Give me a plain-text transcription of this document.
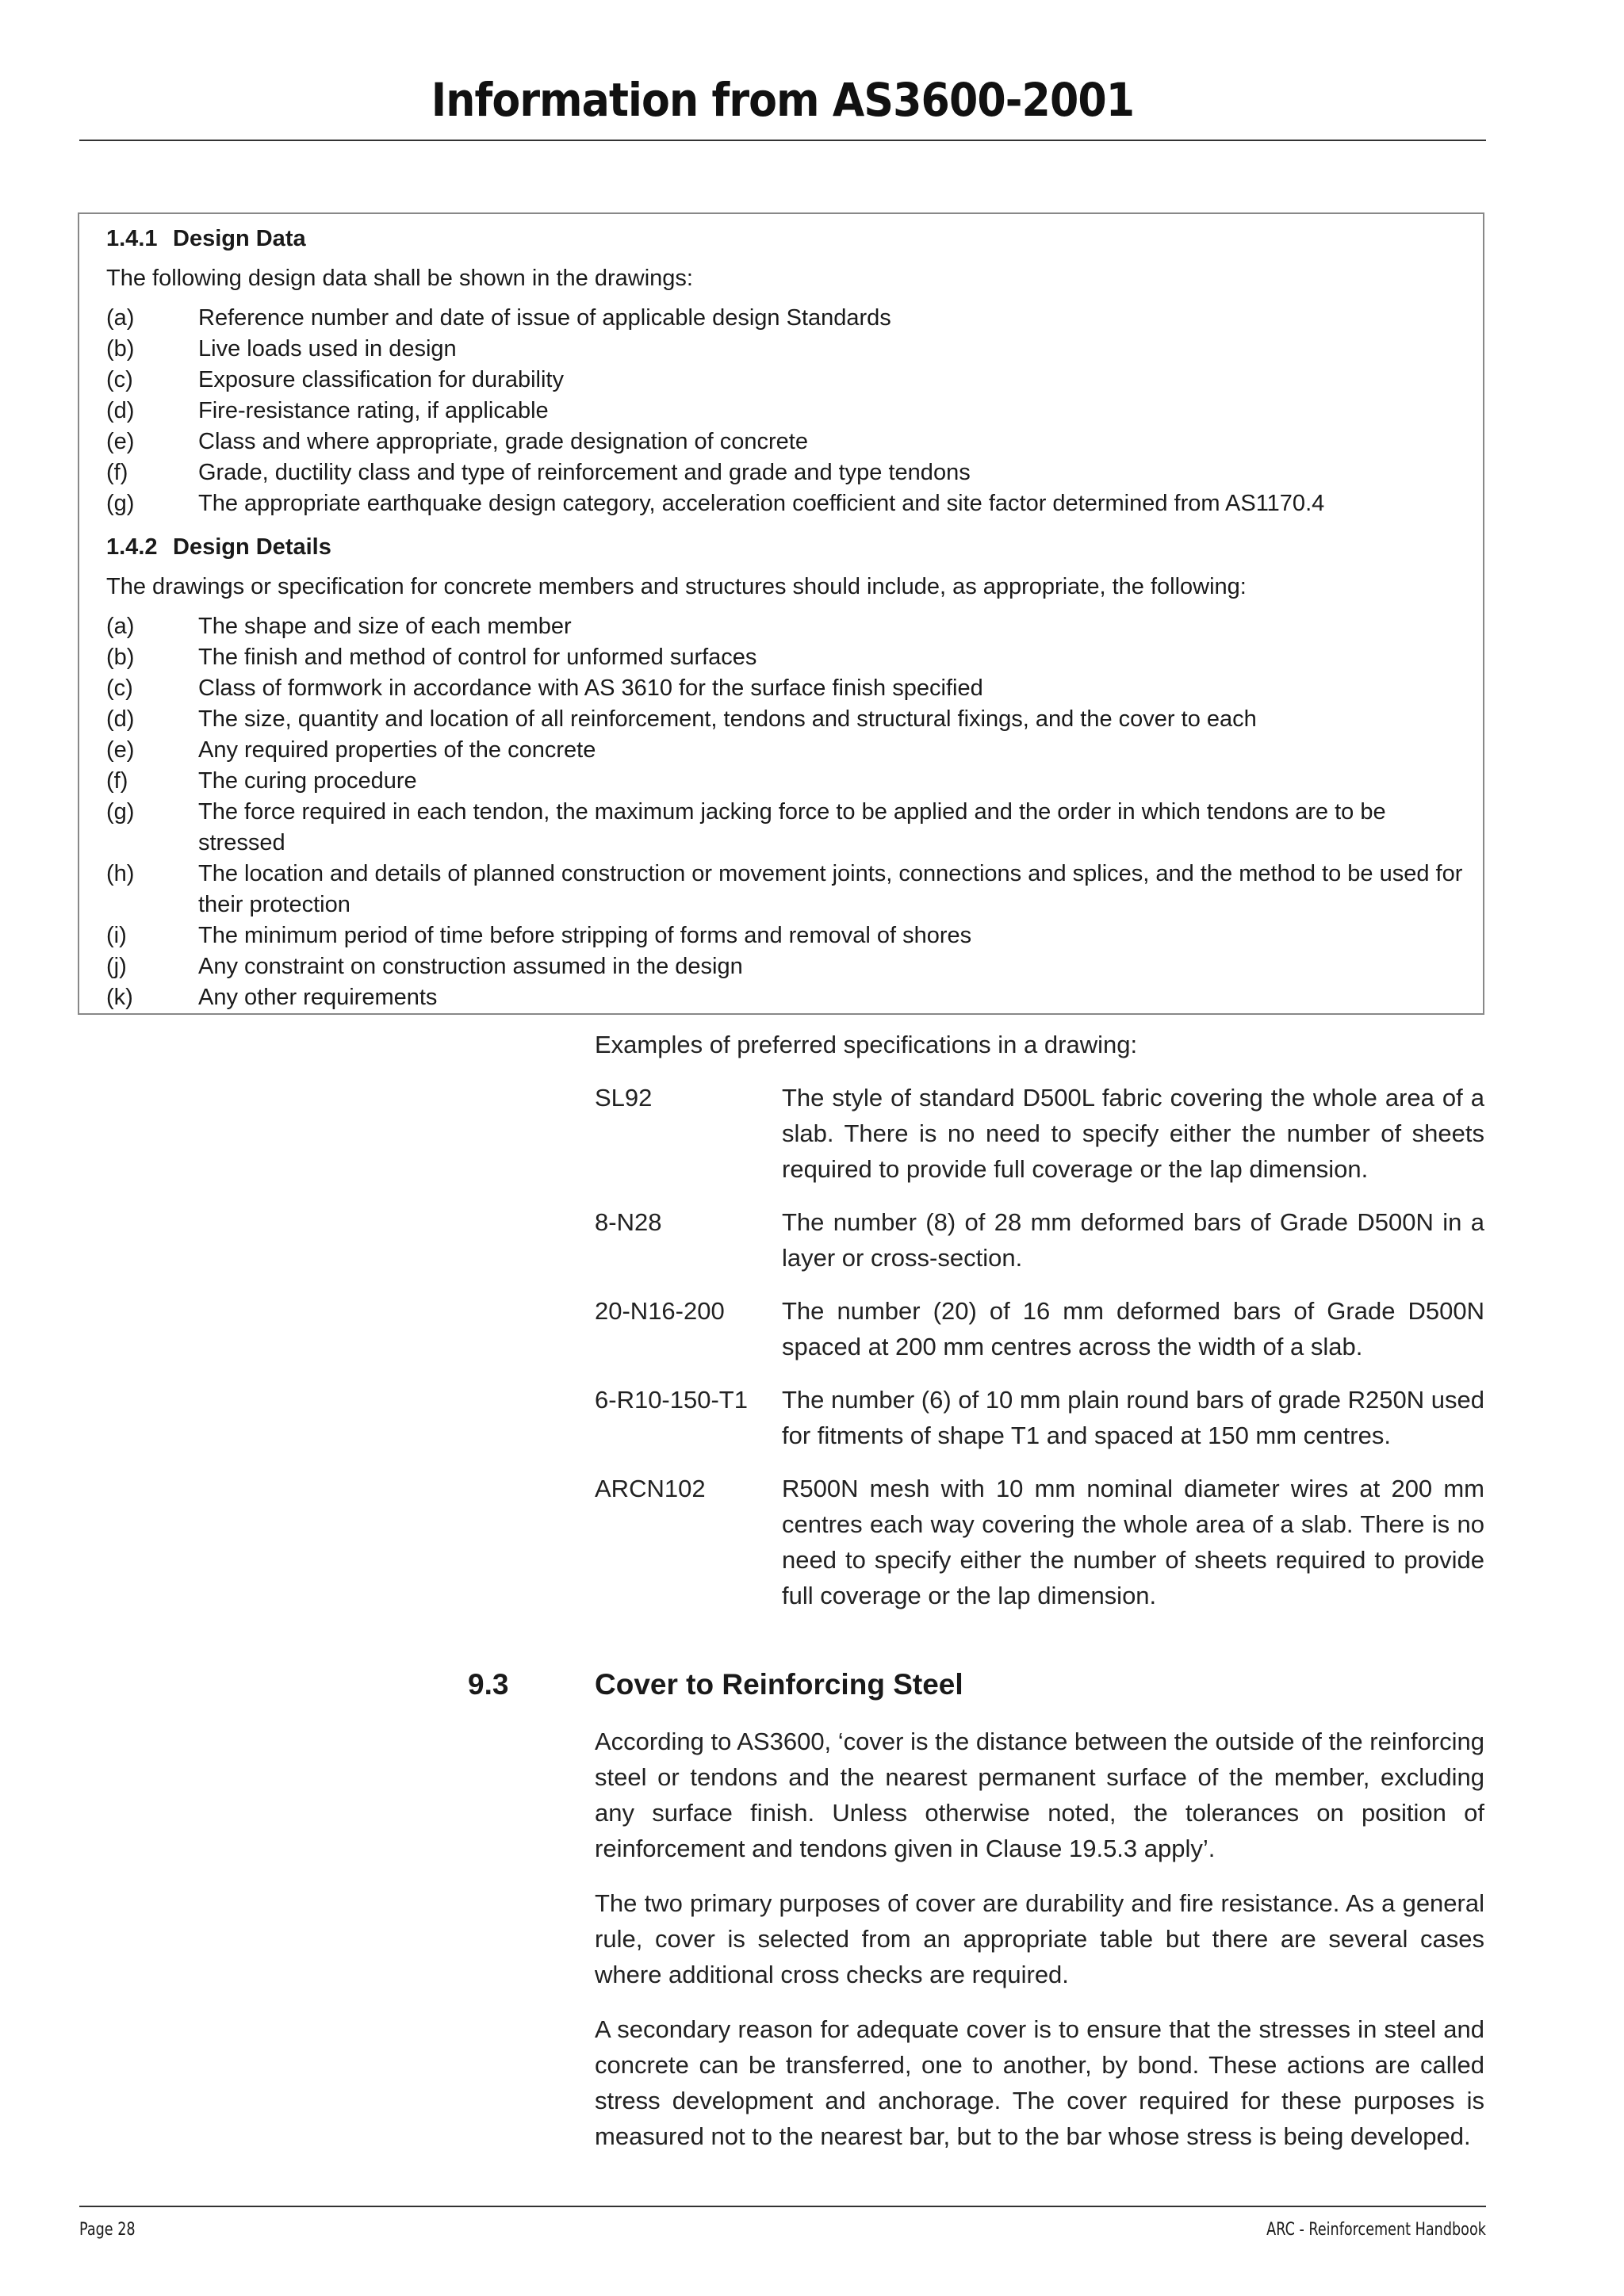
Information from AS3600-2001

1.4.1 Design Data

The following design data shall be shown in the drawings:

(a)	Reference number and date of issue of applicable design Standards
(b)	Live loads used in design
(c)	Exposure classification for durability
(d)	Fire-resistance rating, if applicable
(e)	Class and where appropriate, grade designation of concrete
(f)	Grade, ductility class and type of reinforcement and grade and type tendons
(g)	The appropriate earthquake design category, acceleration coefficient and site factor determined from AS1170.4

1.4.2 Design Details

The drawings or specification for concrete members and structures should include, as appropriate, the following:

(a)	The shape and size of each member
(b)	The finish and method of control for unformed surfaces
(c)	Class of formwork in accordance with AS 3610 for the surface finish specified
(d)	The size, quantity and location of all reinforcement, tendons and structural fixings, and the cover to each
(e)	Any required properties of the concrete
(f)	The curing procedure
(g)	The force required in each tendon, the maximum jacking force to be applied and the order in which tendons are to be stressed
(h)	The location and details of planned construction or movement joints, connections and splices, and the method to be used for their protection
(i)	The minimum period of time before stripping of forms and removal of shores
(j)	Any constraint on construction assumed in the design
(k)	Any other requirements

Examples of preferred specifications in a drawing:

SL92	The style of standard D500L fabric covering the whole area of a slab. There is no need to specify either the number of sheets required to provide full coverage or the lap dimension.
8-N28	The number (8) of 28 mm deformed bars of Grade D500N in a layer or cross-section.
20-N16-200	The number (20) of 16 mm deformed bars of Grade D500N spaced at 200 mm centres across the width of a slab.
6-R10-150-T1	The number (6) of 10 mm plain round bars of grade R250N used for fitments of shape T1 and spaced at 150 mm centres.
ARCN102	R500N mesh with 10 mm nominal diameter wires at 200 mm centres each way covering the whole area of a slab. There is no need to specify either the number of sheets required to provide full coverage or the lap dimension.
9.3	Cover to Reinforcing Steel

According to AS3600, ‘cover is the distance between the outside of the reinforcing steel or tendons and the nearest permanent surface of the member, excluding any surface finish. Unless otherwise noted, the tolerances on position of reinforcement and tendons given in Clause 19.5.3 apply’.

The two primary purposes of cover are durability and fire resistance. As a general rule, cover is selected from an appropriate table but there are several cases where additional cross checks are required.

A secondary reason for adequate cover is to ensure that the stresses in steel and concrete can be transferred, one to another, by bond. These actions are called stress development and anchorage. The cover required for these purposes is measured not to the nearest bar, but to the bar whose stress is being developed.

Page 28	ARC - Reinforcement Handbook
